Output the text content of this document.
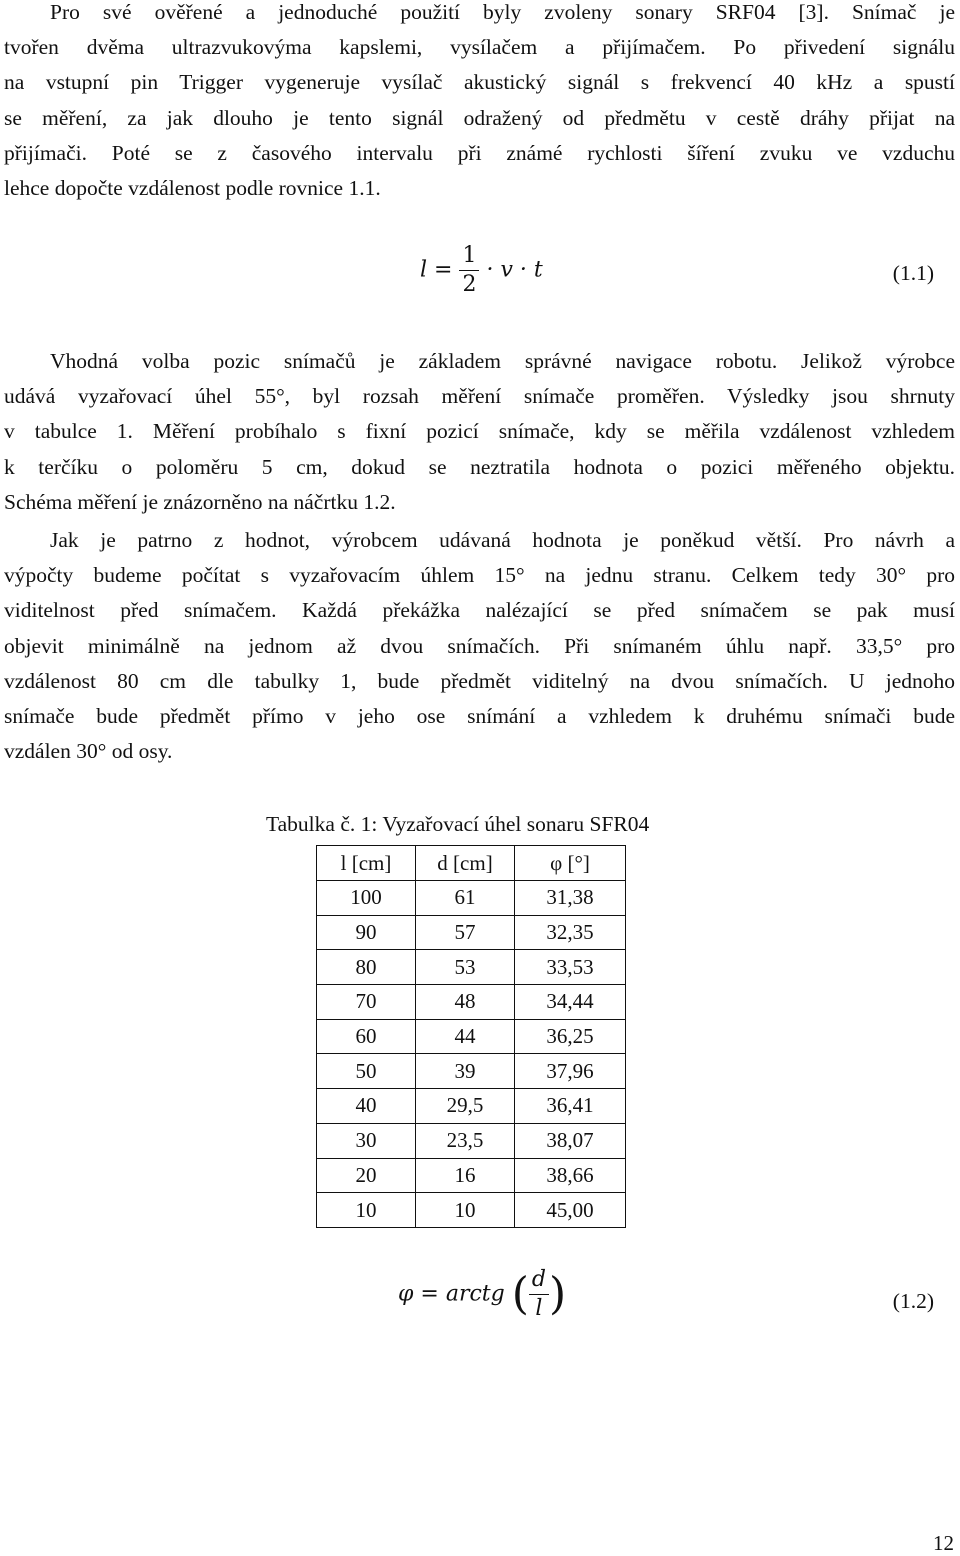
Pro své ověřené a jednoduché použití byly zvoleny sonary SRF04 [3]. Snímač je
tvořen dvěma ultrazvukovýma kapslemi, vysílačem a přijímačem. Po přivedení signálu
na vstupní pin Trigger vygeneruje vysílač akustický signál s frekvencí 40 kHz a spustí
se měření, za jak dlouho je tento signál odražený od předmětu v cestě dráhy přijat na
přijímači. Poté se z časového intervalu při známé rychlosti šíření zvuku ve vzduchu
lehce dopočte vzdálenost podle rovnice 1.1.
$l = \frac{1}{2} \cdot v \cdot t$	(1.1)
Vhodná volba pozic snímačů je základem správné navigace robotu. Jelikož výrobce
udává vyzařovací úhel 55°, byl rozsah měření snímače proměřen. Výsledky jsou shrnuty
v tabulce 1. Měření probíhalo s fixní pozicí snímače, kdy se měřila vzdálenost vzhledem
k terčíku o poloměru 5 cm, dokud se neztratila hodnota o pozici měřeného objektu.
Schéma měření je znázorněno na náčrtku 1.2.
Jak je patrno z hodnot, výrobcem udávaná hodnota je poněkud větší. Pro návrh a
výpočty budeme počítat s vyzařovacím úhlem 15° na jednu stranu. Celkem tedy 30° pro
viditelnost před snímačem. Každá překážka nalézající se před snímačem se pak musí
objevit minimálně na jednom až dvou snímačích. Při snímaném úhlu např. 33,5° pro
vzdálenost 80 cm dle tabulky 1, bude předmět viditelný na dvou snímačích. U jednoho
snímače bude předmět přímo v jeho ose snímání a vzhledem k druhému snímači bude
vzdálen 30° od osy.
Tabulka č. 1: Vyzařovací úhel sonaru SFR04
l [cm]	d [cm]	φ [°]
100	61	31,38
90	57	32,35
80	53	33,53
70	48	34,44
60	44	36,25
50	39	37,96
40	29,5	36,41
30	23,5	38,07
20	16	38,66
10	10	45,00
φ = arctg ( $\frac{d}{l}$ )	(1.2)
12
